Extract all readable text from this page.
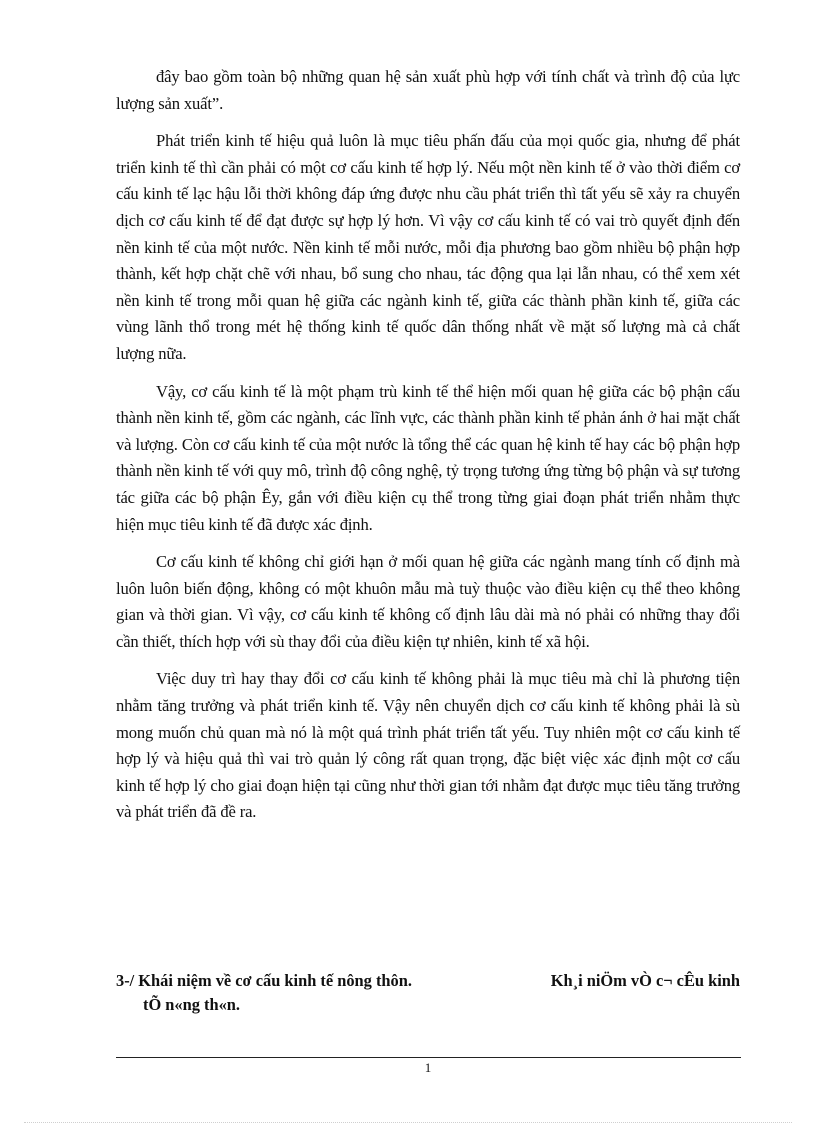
đây bao gồm toàn bộ những quan hệ sản xuất phù hợp với tính chất và trình độ của lực lượng sản xuất”.

Phát triển kinh tế hiệu quả luôn là mục tiêu phấn đấu của mọi quốc gia, nhưng để phát triển kinh tế thì cần phải có một cơ cấu kinh tế hợp lý. Nếu một nền kinh tế ở vào thời điểm cơ cấu kinh tế lạc hậu lỗi thời không đáp ứng được nhu cầu phát triển thì tất yếu sẽ xảy ra chuyển dịch cơ cấu kinh tế để đạt được sự hợp lý hơn. Vì vậy cơ cấu kinh tế có vai trò quyết định đến nền kinh tế của một nước. Nền kinh tế mỗi nước, mỗi địa phương bao gồm nhiều bộ phận hợp thành, kết hợp chặt chẽ với nhau, bổ sung cho nhau, tác động qua lại lẫn nhau, có thể xem xét nền kinh tế trong mỗi quan hệ giữa các ngành kinh tế, giữa các thành phần kinh tế, giữa các vùng lãnh thổ trong mét hệ thống kinh tế quốc dân thống nhất về mặt số lượng mà cả chất lượng nữa.

Vậy, cơ cấu kinh tế là một phạm trù kinh tế thể hiện mối quan hệ giữa các bộ phận cấu thành nền kinh tế, gồm các ngành, các lĩnh vực, các thành phần kinh tế phản ánh ở hai mặt chất và lượng. Còn cơ cấu kinh tế của một nước là tổng thể các quan hệ kinh tế hay các bộ phận hợp thành nền kinh tế với quy mô, trình độ công nghệ, tỷ trọng tương ứng từng bộ phận và sự tương tác giữa các bộ phận Êy, gắn với điều kiện cụ thể trong từng giai đoạn phát triển nhằm thực hiện mục tiêu kinh tế đã được xác định.

Cơ cấu kinh tế không chỉ giới hạn ở mối quan hệ giữa các ngành mang tính cố định mà luôn luôn biến động, không có một khuôn mẫu mà tuỳ thuộc vào điều kiện cụ thể theo không gian và thời gian. Vì vậy, cơ cấu kinh tế không cố định lâu dài mà nó phải có những thay đổi cần thiết, thích hợp với sù thay đổi của điều kiện tự nhiên, kinh tế xã hội.

Việc duy trì hay thay đổi cơ cấu kinh tế không phải là mục tiêu mà chỉ là phương tiện nhằm tăng trưởng và phát triển kinh tế. Vậy nên chuyển dịch cơ cấu kinh tế không phải là sù mong muốn chủ quan mà nó là một quá trình phát triển tất yếu. Tuy nhiên một cơ cấu kinh tế hợp lý và hiệu quả thì vai trò quản lý công rất quan trọng, đặc biệt việc xác định một cơ cấu kinh tế hợp lý cho giai đoạn hiện tại cũng như thời gian tới nhằm đạt được mục tiêu tăng trưởng và phát triển đã đề ra.

3-/ Khái niệm về cơ cấu kinh tế nông thôn.	Kh¸i niÖm vÒ c¬ cÊu kinh
tÕ n«ng th«n.
1
